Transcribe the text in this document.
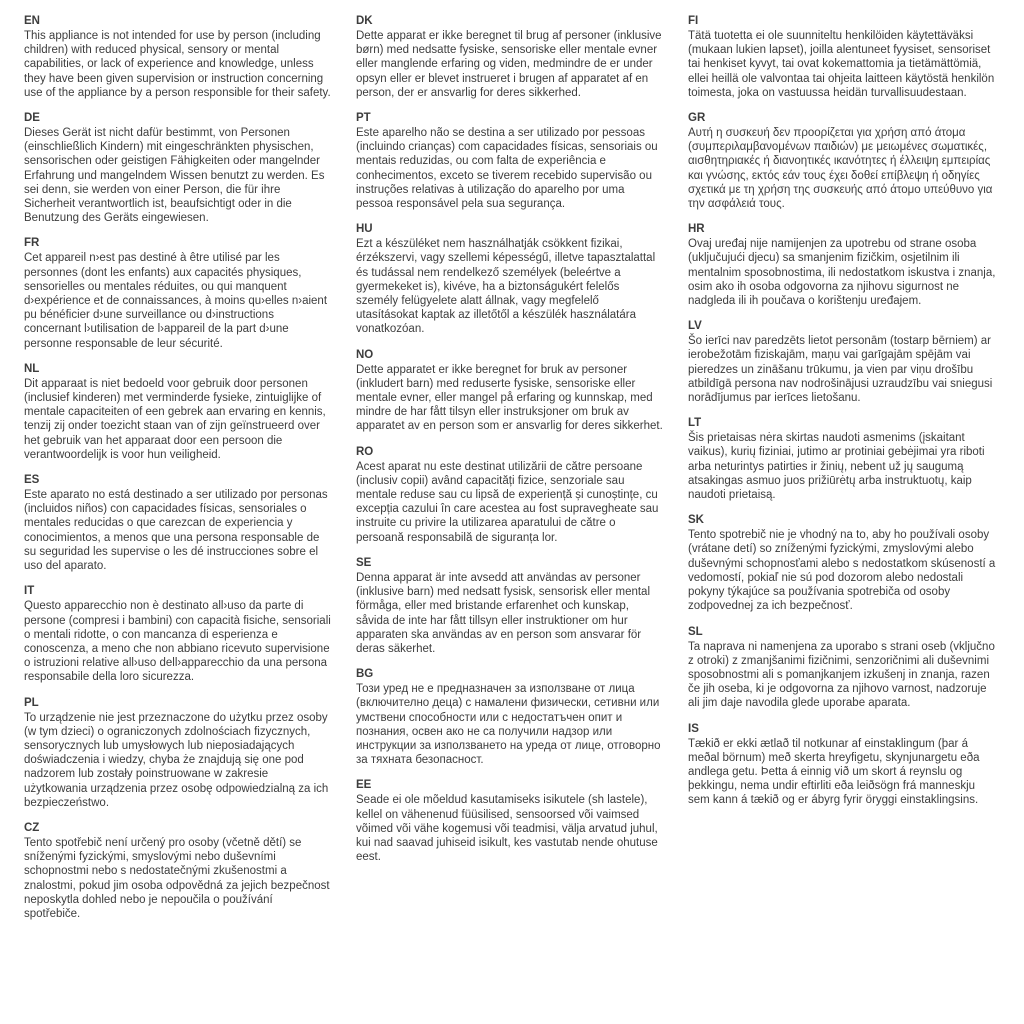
EN

This appliance is not intended for use by person (including children) with reduced physical, sensory or mental capabilities, or lack of experience and knowledge, unless they have been given supervision or instruction concerning use of the appliance by a person responsible for their safety.

DE

Dieses Gerät ist nicht dafür bestimmt, von Personen (einschließlich Kindern) mit eingeschränkten physischen, sensorischen oder geistigen Fähigkeiten oder mangelnder Erfahrung und mangelndem Wissen benutzt zu werden. Es sei denn, sie werden von einer Person, die für ihre Sicherheit verantwortlich ist, beaufsichtigt oder in die Benutzung des Geräts eingewiesen.

FR

Cet appareil n›est pas destiné à être utilisé par les personnes (dont les enfants) aux capacités physiques, sensorielles ou mentales réduites, ou qui manquent d›expérience et de connaissances, à moins qu›elles n›aient pu bénéficier d›une surveillance ou d›instructions concernant l›utilisation de l›appareil de la part d›une personne responsable de leur sécurité.

NL

Dit apparaat is niet bedoeld voor gebruik door personen (inclusief kinderen) met verminderde fysieke, zintuiglijke of mentale capaciteiten of een gebrek aan ervaring en kennis, tenzij zij onder toezicht staan van of zijn geïnstrueerd over het gebruik van het apparaat door een persoon die verantwoordelijk is voor hun veiligheid.

ES

Este aparato no está destinado a ser utilizado por personas (incluidos niños) con capacidades físicas, sensoriales o mentales reducidas o que carezcan de experiencia y conocimientos, a menos que una persona responsable de su seguridad les supervise o les dé instrucciones sobre el uso del aparato.

IT

Questo apparecchio non è destinato all›uso da parte di persone (compresi i bambini) con capacità fisiche, sensoriali o mentali ridotte, o con mancanza di esperienza e conoscenza, a meno che non abbiano ricevuto supervisione o istruzioni relative all›uso dell›apparecchio da una persona responsabile della loro sicurezza.

PL

To urządzenie nie jest przeznaczone do użytku przez osoby (w tym dzieci) o ograniczonych zdolnościach fizycznych, sensorycznych lub umysłowych lub nieposiadających doświadczenia i wiedzy, chyba że znajdują się one pod nadzorem lub zostały poinstruowane w zakresie użytkowania urządzenia przez osobę odpowiedzialną za ich bezpieczeństwo.

CZ

Tento spotřebič není určený pro osoby (včetně dětí) se sníženými fyzickými, smyslovými nebo duševními schopnostmi nebo s nedostatečnými zkušenostmi a znalostmi, pokud jim osoba odpovědná za jejich bezpečnost neposkytla dohled nebo je nepoučila o používání spotřebiče.

DK

Dette apparat er ikke beregnet til brug af personer (inklusive børn) med nedsatte fysiske, sensoriske eller mentale evner eller manglende erfaring og viden, medmindre de er under opsyn eller er blevet instrueret i brugen af apparatet af en person, der er ansvarlig for deres sikkerhed.

PT

Este aparelho não se destina a ser utilizado por pessoas (incluindo crianças) com capacidades físicas, sensoriais ou mentais reduzidas, ou com falta de experiência e conhecimentos, exceto se tiverem recebido supervisão ou instruções relativas à utilização do aparelho por uma pessoa responsável pela sua segurança.

HU

Ezt a készüléket nem használhatják csökkent fizikai, érzékszervi, vagy szellemi képességű, illetve tapasztalattal és tudással nem rendelkező személyek (beleértve a gyermekeket is), kivéve, ha a biztonságukért felelős személy felügyelete alatt állnak, vagy megfelelő utasításokat kaptak az illetőtől a készülék használatára vonatkozóan.

NO

Dette apparatet er ikke beregnet for bruk av personer (inkludert barn) med reduserte fysiske, sensoriske eller mentale evner, eller mangel på erfaring og kunnskap, med mindre de har fått tilsyn eller instruksjoner om bruk av apparatet av en person som er ansvarlig for deres sikkerhet.

RO

Acest aparat nu este destinat utilizării de către persoane (inclusiv copii) având capacități fizice, senzoriale sau mentale reduse sau cu lipsă de experiență și cunoștințe, cu excepția cazului în care acestea au fost supravegheate sau instruite cu privire la utilizarea aparatului de către o persoană responsabilă de siguranța lor.

SE

Denna apparat är inte avsedd att användas av personer (inklusive barn) med nedsatt fysisk, sensorisk eller mental förmåga, eller med bristande erfarenhet och kunskap, såvida de inte har fått tillsyn eller instruktioner om hur apparaten ska användas av en person som ansvarar för deras säkerhet.

BG

Този уред не е предназначен за използване от лица (включително деца) с намалени физически, сетивни или умствени способности или с недостатъчен опит и познания, освен ако не са получили надзор или инструкции за използването на уреда от лице, отговорно за тяхната безопасност.

EE

Seade ei ole mõeldud kasutamiseks isikutele (sh lastele), kellel on vähenenud füüsilised, sensoorsed või vaimsed võimed või vähe kogemusi või teadmisi, välja arvatud juhul, kui nad saavad juhiseid isikult, kes vastutab nende ohutuse eest.

FI

Tätä tuotetta ei ole suunniteltu henkilöiden käytettäväksi (mukaan lukien lapset), joilla alentuneet fyysiset, sensoriset tai henkiset kyvyt, tai ovat kokemattomia ja tietämättömiä, ellei heillä ole valvontaa tai ohjeita laitteen käytöstä henkilön toimesta, joka on vastuussa heidän turvallisuudestaan.

GR

Αυτή η συσκευή δεν προορίζεται για χρήση από άτομα (συμπεριλαμβανομένων παιδιών) με μειωμένες σωματικές, αισθητηριακές ή διανοητικές ικανότητες ή έλλειψη εμπειρίας και γνώσης, εκτός εάν τους έχει δοθεί επίβλεψη ή οδηγίες σχετικά με τη χρήση της συσκευής από άτομο υπεύθυνο για την ασφάλειά τους.

HR

Ovaj uređaj nije namijenjen za upotrebu od strane osoba (uključujući djecu) sa smanjenim fizičkim, osjetilnim ili mentalnim sposobnostima, ili nedostatkom iskustva i znanja, osim ako ih osoba odgovorna za njihovu sigurnost ne nadgleda ili ih poučava o korištenju uređajem.

LV

Šo ierīci nav paredzēts lietot personām (tostarp bērniem) ar ierobežotām fiziskajām, maņu vai garīgajām spējām vai pieredzes un zināšanu trūkumu, ja vien par viņu drošību atbildīgā persona nav nodrošinājusi uzraudzību vai sniegusi norādījumus par ierīces lietošanu.

LT

Šis prietaisas nėra skirtas naudoti asmenims (įskaitant vaikus), kurių fiziniai, jutimo ar protiniai gebėjimai yra riboti arba neturintys patirties ir žinių, nebent už jų saugumą atsakingas asmuo juos prižiūrėtų arba instruktuotų, kaip naudoti prietaisą.

SK

Tento spotrebič nie je vhodný na to, aby ho používali osoby (vrátane detí) so zníženými fyzickými, zmyslovými alebo duševnými schopnosťami alebo s nedostatkom skúseností a vedomostí, pokiaľ nie sú pod dozorom alebo nedostali pokyny týkajúce sa používania spotrebiča od osoby zodpovednej za ich bezpečnosť.

SL

Ta naprava ni namenjena za uporabo s strani oseb (vključno z otroki) z zmanjšanimi fizičnimi, senzoričnimi ali duševnimi sposobnostmi ali s pomanjkanjem izkušenj in znanja, razen če jih oseba, ki je odgovorna za njihovo varnost, nadzoruje ali jim daje navodila glede uporabe aparata.

IS

Tækið er ekki ætlað til notkunar af einstaklingum (þar á meðal börnum) með skerta hreyfigetu, skynjunargetu eða andlega getu. Þetta á einnig við um skort á reynslu og þekkingu, nema undir eftirliti eða leiðsögn frá manneskju sem kann á tækið og er ábyrg fyrir öryggi einstaklingsins.
